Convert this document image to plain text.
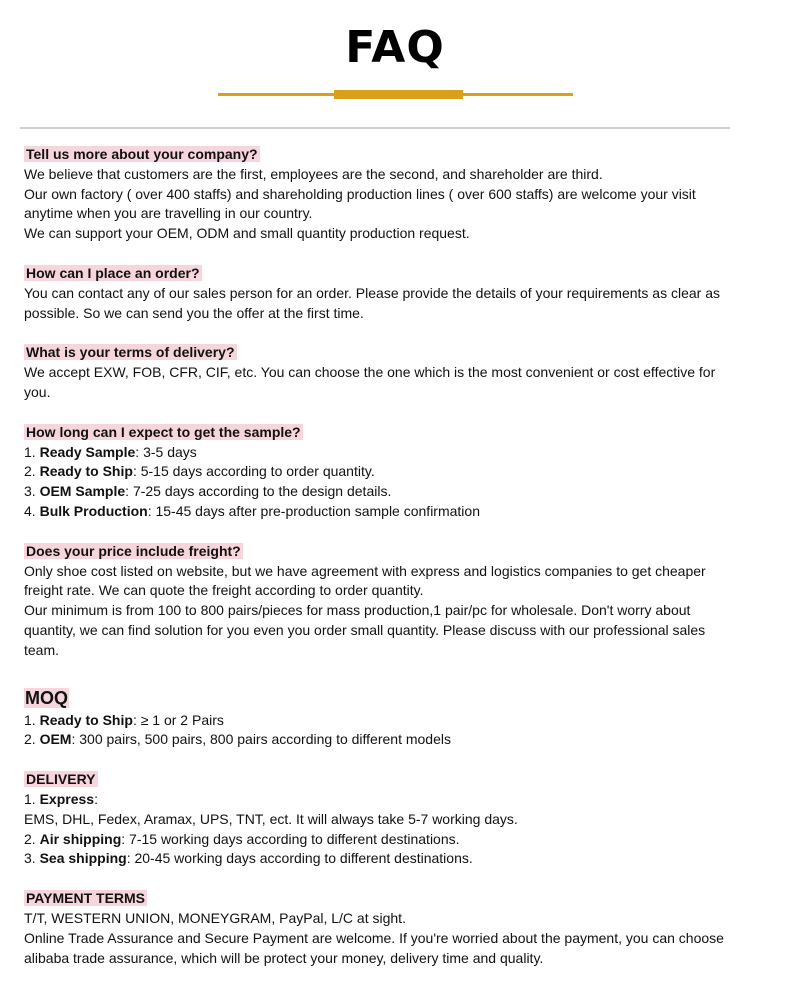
FAQ
Tell us more about your company?
We believe that customers are the first, employees are the second, and shareholder are third.
Our own factory ( over 400 staffs) and shareholding production lines ( over 600 staffs) are welcome your visit anytime when you are travelling in our country.
We can support your OEM, ODM and small quantity production request.
How can I place an order?
You can contact any of our sales person for an order. Please provide the details of your requirements as clear as possible. So we can send you the offer at the first time.
What is your terms of delivery?
We accept EXW, FOB, CFR, CIF, etc. You can choose the one which is the most convenient or cost effective for you.
How long can I expect to get the sample?
1. Ready Sample: 3-5 days
2. Ready to Ship: 5-15 days according to order quantity.
3. OEM Sample: 7-25 days according to the design details.
4. Bulk Production: 15-45 days after pre-production sample confirmation
Does your price include freight?
Only shoe cost listed on website, but we have agreement with express and logistics companies to get cheaper freight rate. We can quote the freight according to order quantity.
Our minimum is from 100 to 800 pairs/pieces for mass production,1 pair/pc for wholesale. Don't worry about quantity, we can find solution for you even you order small quantity. Please discuss with our professional sales team.
MOQ
1. Ready to Ship: ≥ 1 or 2 Pairs
2. OEM: 300 pairs, 500 pairs, 800 pairs according to different models
DELIVERY
1. Express:
EMS, DHL, Fedex, Aramax, UPS, TNT, ect. It will always take 5-7 working days.
2. Air shipping: 7-15 working days according to different destinations.
3. Sea shipping: 20-45 working days according to different destinations.
PAYMENT TERMS
T/T, WESTERN UNION, MONEYGRAM, PayPal, L/C at sight.
Online Trade Assurance and Secure Payment are welcome. If you're worried about the payment, you can choose alibaba trade assurance, which will be protect your money, delivery time and quality.
